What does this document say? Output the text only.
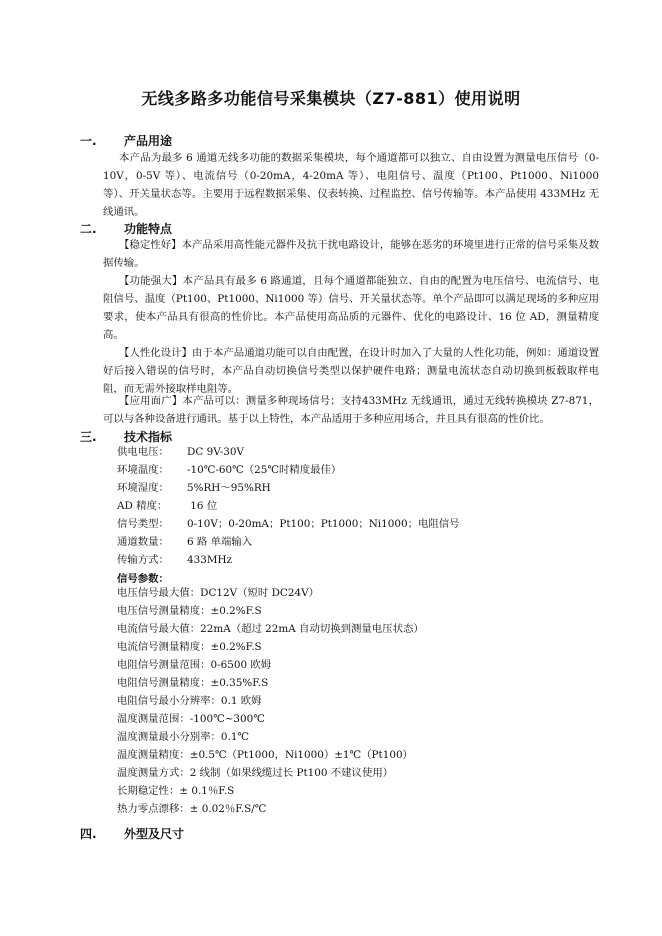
无线多路多功能信号采集模块（Z7-881）使用说明
一. 产品用途
本产品为最多 6 通道无线多功能的数据采集模块，每个通道都可以独立、自由设置为测量电压信号（0-10V，0-5V 等）、电流信号（0-20mA，4-20mA 等）、电阻信号、温度（Pt100、Pt1000、Ni1000 等）、开关量状态等。主要用于远程数据采集、仪表转换、过程监控、信号传输等。本产品使用 433MHz 无线通讯。
二. 功能特点
【稳定性好】本产品采用高性能元器件及抗干扰电路设计，能够在恶劣的环境里进行正常的信号采集及数据传输。
【功能强大】本产品具有最多 6 路通道，且每个通道都能独立、自由的配置为电压信号、电流信号、电阻信号、温度（Pt100、Pt1000、Ni1000 等）信号、开关量状态等。单个产品即可以满足现场的多种应用要求，使本产品具有很高的性价比。本产品使用高品质的元器件、优化的电路设计、16 位 AD，测量精度高。
【人性化设计】由于本产品通道功能可以自由配置，在设计时加入了大量的人性化功能，例如：通道设置好后接入错误的信号时，本产品自动切换信号类型以保护硬件电路；测量电流状态自动切换到板载取样电阻，而无需外接取样电阻等。
【应用面广】本产品可以：测量多种现场信号；支持433MHz 无线通讯，通过无线转换模块 Z7-871，可以与各种设备进行通讯。基于以上特性，本产品适用于多种应用场合，并且具有很高的性价比。
三. 技术指标
供电电压： DC 9V-30V
环境温度： -10℃-60℃（25℃时精度最佳）
环境湿度： 5%RH～95%RH
AD 精度： 16 位
信号类型： 0-10V；0-20mA；Pt100；Pt1000；Ni1000；电阻信号
通道数量： 6 路 单端输入
传输方式： 433MHz
信号参数：
电压信号最大值：DC12V（短时 DC24V）
电压信号测量精度：±0.2%F.S
电流信号最大值：22mA（超过 22mA 自动切换到测量电压状态）
电流信号测量精度：±0.2%F.S
电阻信号测量范围：0-6500 欧姆
电阻信号测量精度：±0.35%F.S
电阻信号最小分辨率：0.1 欧姆
温度测量范围：-100℃~300℃
温度测量最小分别率：0.1℃
温度测量精度：±0.5℃（Pt1000，Ni1000）±1℃（Pt100）
温度测量方式：2 线制（如果线缆过长 Pt100 不建议使用）
长期稳定性：± 0.1％F.S
热力零点漂移：± 0.02％F.S/℃
四. 外型及尺寸
